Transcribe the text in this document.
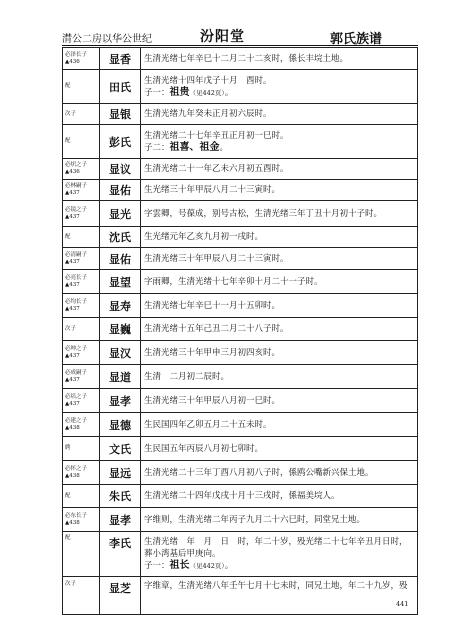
潸公二房以华公世纪	汾阳堂	郭氏族谱
必泽长子
▲436	显香	生清光绪七年辛巳十二月二十二亥时，係长丰垸土地。
配	田氏	生清光绪十四年戊子十月　酉时。
子一：祖贵（见442页）。

次子	显银	生清光绪九年癸未正月初六辰时。
配	彭氏	生清光绪二十七年辛丑正月初一巳时。
子二：祖喜、祖金。

必炽之子
▲436	显议	生清光绪二十一年乙未六月初五酉时。
必林嗣子
▲437	显佑	生光绪三十年甲辰八月二十三寅时。
必镜之子
▲437	显光	字雲卿，号葆成，别号古松，生清光绪三年丁丑十月初十子时。
配	沈氏	生光绪元年乙亥九月初一戌时。
必清嗣子
▲437	显佑	生清光绪三十年甲辰八月二十三寅时。
必亮长子
▲437	显望	字雨卿，生清光绪十七年辛卯十月二十一子时。
必均长子
▲437	显寿	生清光绪七年辛巳十一月十五卯时。
次子	显巍	生清光绪十五年己丑二月二十八子时。
必坤之子
▲437	显汉	生清光绪三十年甲申三月初四亥时。
必成嗣子
▲437	显道	生清　二月初二辰时。
必培之子
▲437	显孝	生清光绪三十年甲辰八月初一巳时。
必建之子
▲438	显德	生民国四年乙卯五月二十五未时。
聘	文氏	生民国五年丙辰八月初七卯时。
必怀之子
▲438	显远	生清光绪二十三年丁酉八月初八子时，係鸥公嘴新兴保土地。
配	朱氏	生清光绪二十四年戊戌十月十三戌时，係福美垸人。
必东长子
▲438	显孝	字维则，生清光绪二年丙子九月二十六巳时，同堂兄土地。
配	李氏	生清光绪　年　月　日　时，年二十岁，殁光绪二十七年辛丑月日时，葬小湾基后甲庚向。
子一：祖长（见442页）。

次子	显芝	字维章，生清光绪八年壬午七月十七未时，同兄土地，年二十九岁，殁
441
